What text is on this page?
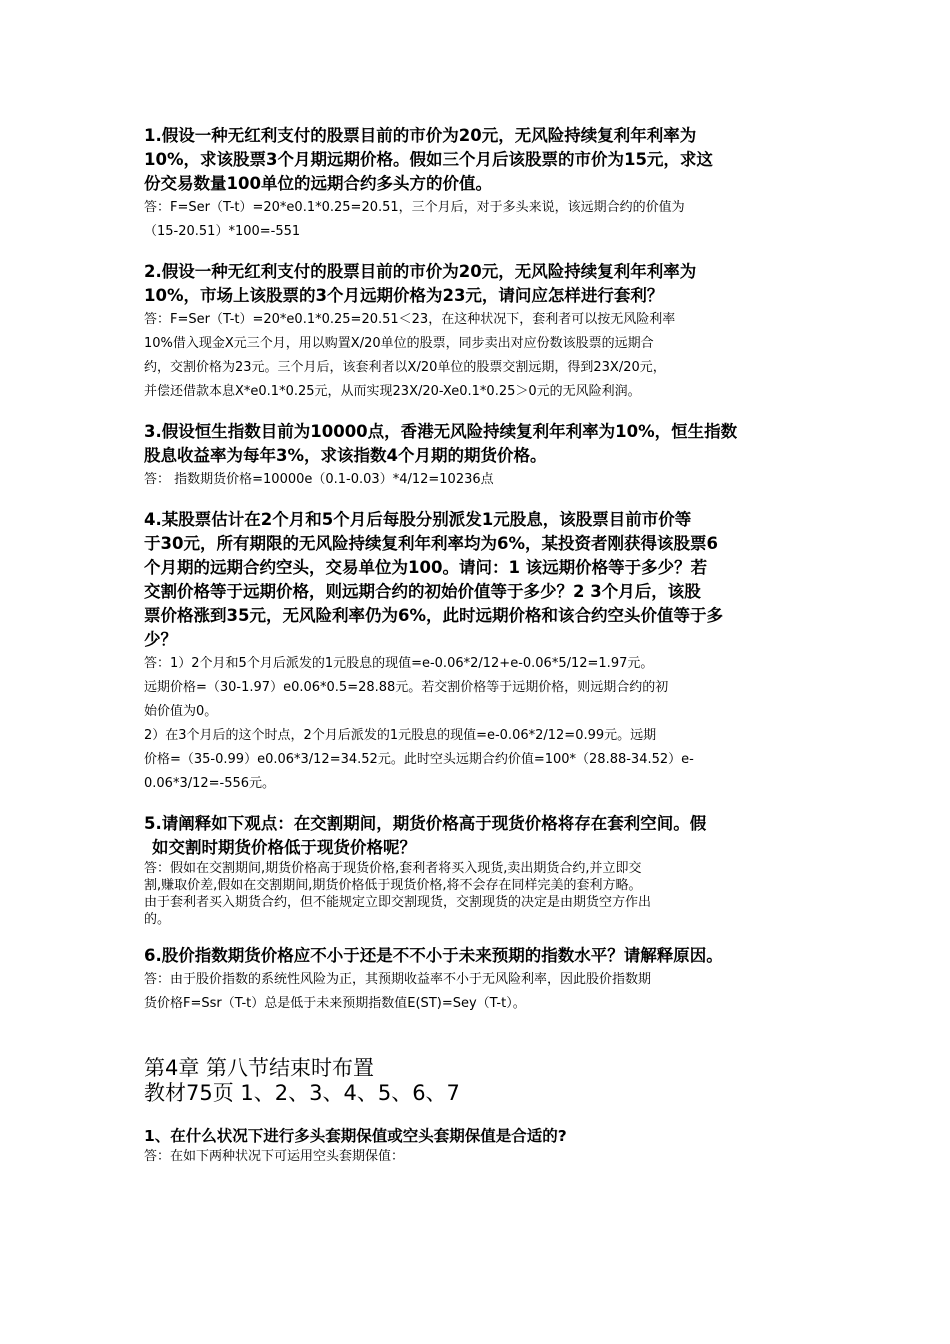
1.假设一种无红利支付的股票目前的市价为20元，无风险持续复利年利率为

10%，求该股票3个月期远期价格。假如三个月后该股票的市价为15元，求这

份交易数量100单位的远期合约多头方的价值。

答：F=Ser（T-t）=20*e0.1*0.25=20.51，三个月后，对于多头来说，该远期合约的价值为

（15-20.51）*100=-551

2.假设一种无红利支付的股票目前的市价为20元，无风险持续复利年利率为

10%，市场上该股票的3个月远期价格为23元，请问应怎样进行套利？

答：F=Ser（T-t）=20*e0.1*0.25=20.51＜23，在这种状况下，套利者可以按无风险利率

10%借入现金X元三个月，用以购置X/20单位的股票，同步卖出对应份数该股票的远期合

约，交割价格为23元。三个月后，该套利者以X/20单位的股票交割远期，得到23X/20元，

并偿还借款本息X*e0.1*0.25元，从而实现23X/20-Xe0.1*0.25＞0元的无风险利润。

3.假设恒生指数目前为10000点，香港无风险持续复利年利率为10%，恒生指数

股息收益率为每年3%，求该指数4个月期的期货价格。

答： 指数期货价格=10000e（0.1-0.03）*4/12=10236点

4.某股票估计在2个月和5个月后每股分别派发1元股息，该股票目前市价等

于30元，所有期限的无风险持续复利年利率均为6%，某投资者刚获得该股票6

个月期的远期合约空头，交易单位为100。请问：1 该远期价格等于多少？若

交割价格等于远期价格，则远期合约的初始价值等于多少？2 3个月后，该股

票价格涨到35元，无风险利率仍为6%，此时远期价格和该合约空头价值等于多

少？

答：1）2个月和5个月后派发的1元股息的现值=e-0.06*2/12+e-0.06*5/12=1.97元。

远期价格=（30-1.97）e0.06*0.5=28.88元。若交割价格等于远期价格，则远期合约的初

始价值为0。

2）在3个月后的这个时点，2个月后派发的1元股息的现值=e-0.06*2/12=0.99元。远期

价格=（35-0.99）e0.06*3/12=34.52元。此时空头远期合约价值=100*（28.88-34.52）e-

0.06*3/12=-556元。

5.请阐释如下观点：在交割期间，期货价格高于现货价格将存在套利空间。假

如交割时期货价格低于现货价格呢？

答：假如在交割期间,期货价格高于现货价格,套利者将买入现货,卖出期货合约,并立即交

割,赚取价差,假如在交割期间,期货价格低于现货价格,将不会存在同样完美的套利方略。

由于套利者买入期货合约，但不能规定立即交割现货，交割现货的决定是由期货空方作出

的。

6.股价指数期货价格应不小于还是不不小于未来预期的指数水平？请解释原因。

答：由于股价指数的系统性风险为正，其预期收益率不小于无风险利率，因此股价指数期

货价格F=Ssr（T-t）总是低于未来预期指数值E(ST)=Sey（T-t）。

第4章 第八节结束时布置

教材75页 1、2、3、4、5、6、7

1、在什么状况下进行多头套期保值或空头套期保值是合适的?

答：在如下两种状况下可运用空头套期保值：
